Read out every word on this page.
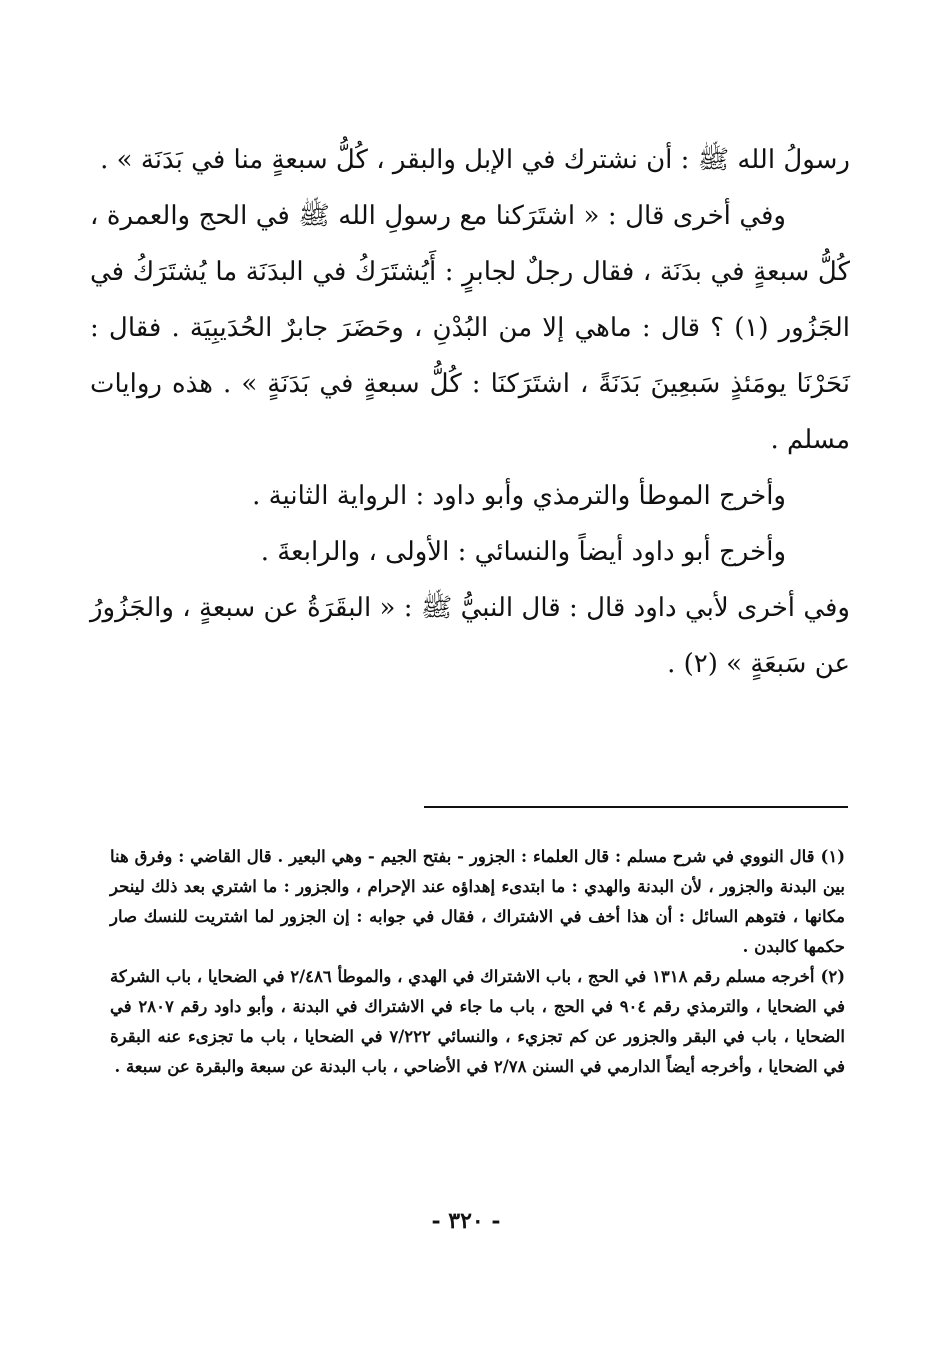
رسولُ الله ﷺ : أن نشترك في الإبل والبقر ، كُلُّ سبعةٍ منا في بَدَنَة » .

وفي أخرى قال : « اشتَرَكنا مع رسولِ الله ﷺ في الحج والعمرة ، كُلُّ سبعةٍ في بدَنَة ، فقال رجلٌ لجابرٍ : أَيُشتَرَكُ في البدَنَة ما يُشتَرَكُ في الجَزُور (١) ؟ قال : ماهي إلا من البُدْنِ ، وحَضَرَ جابرٌ الحُدَيبِيَة . فقال : نَحَرْنَا يومَئذٍ سَبعِينَ بَدَنَةً ، اشتَرَكنَا : كُلُّ سبعةٍ في بَدَنَةٍ » . هذه روايات مسلم .

وأخرج الموطأ والترمذي وأبو داود : الرواية الثانية .

وأخرج أبو داود أيضاً والنسائي : الأولى ، والرابعةَ .

وفي أخرى لأبي داود قال : قال النبيُّ ﷺ : « البقَرَةُ عن سبعةٍ ، والجَزُورُ عن سَبعَةٍ » (٢) .

(١)قال النووي في شرح مسلم : قال العلماء : الجزور - بفتح الجيم - وهي البعير . قال القاضي : وفرق هنا بين البدنة والجزور ، لأن البدنة والهدي : ما ابتدىء إهداؤه عند الإحرام ، والجزور : ما اشتري بعد ذلك لينحر مكانها ، فتوهم السائل : أن هذا أخف في الاشتراك ، فقال في جوابه : إن الجزور لما اشتريت للنسك صار حكمها كالبدن .

(٢)أخرجه مسلم رقم ١٣١٨ في الحج ، باب الاشتراك في الهدي ، والموطأ ٢/٤٨٦ في الضحايا ، باب الشركة في الضحايا ، والترمذي رقم ٩٠٤ في الحج ، باب ما جاء في الاشتراك في البدنة ، وأبو داود رقم ٢٨٠٧ في الضحايا ، باب في البقر والجزور عن كم تجزيء ، والنسائي ٧/٢٢٢ في الضحايا ، باب ما تجزىء عنه البقرة في الضحايا ، وأخرجه أيضاً الدارمي في السنن ٢/٧٨ في الأضاحي ، باب البدنة عن سبعة والبقرة عن سبعة .

- ٣٢٠ -
